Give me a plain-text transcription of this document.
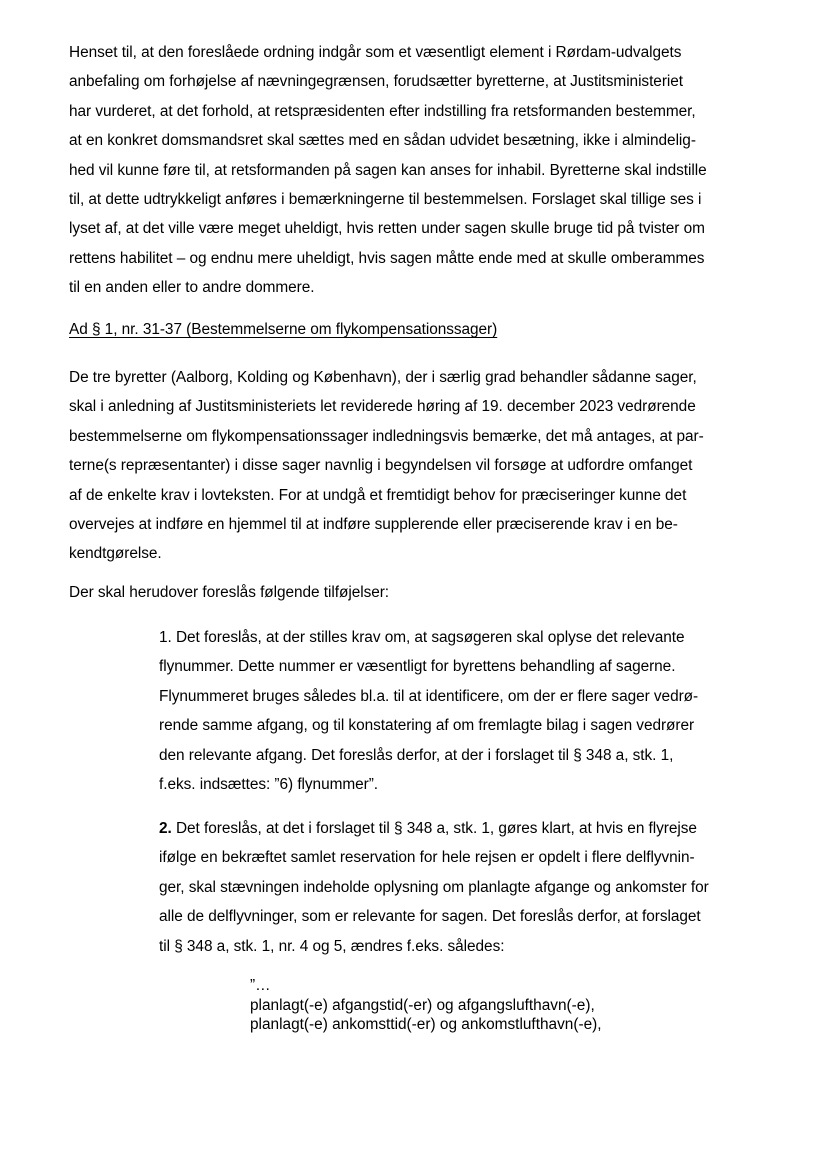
Henset til, at den foreslåede ordning indgår som et væsentligt element i Rørdam-udvalgets
anbefaling om forhøjelse af nævningegrænsen, forudsætter byretterne, at Justitsministeriet
har vurderet, at det forhold, at retspræsidenten efter indstilling fra retsformanden bestemmer,
at en konkret domsmandsret skal sættes med en sådan udvidet besætning, ikke i almindelig-
hed vil kunne føre til, at retsformanden på sagen kan anses for inhabil. Byretterne skal indstille
til, at dette udtrykkeligt anføres i bemærkningerne til bestemmelsen. Forslaget skal tillige ses i
lyset af, at det ville være meget uheldigt, hvis retten under sagen skulle bruge tid på tvister om
rettens habilitet – og endnu mere uheldigt, hvis sagen måtte ende med at skulle omberammes
til en anden eller to andre dommere.

Ad § 1, nr. 31-37 (Bestemmelserne om flykompensationssager)

De tre byretter (Aalborg, Kolding og København), der i særlig grad behandler sådanne sager,
skal i anledning af Justitsministeriets let reviderede høring af 19. december 2023 vedrørende
bestemmelserne om flykompensationssager indledningsvis bemærke, det må antages, at par-
terne(s repræsentanter) i disse sager navnlig i begyndelsen vil forsøge at udfordre omfanget
af de enkelte krav i lovteksten. For at undgå et fremtidigt behov for præciseringer kunne det
overvejes at indføre en hjemmel til at indføre supplerende eller præciserende krav i en be-
kendtgørelse.

Der skal herudover foreslås følgende tilføjelser:

1. Det foreslås, at der stilles krav om, at sagsøgeren skal oplyse det relevante
flynummer. Dette nummer er væsentligt for byrettens behandling af sagerne.
Flynummeret bruges således bl.a. til at identificere, om der er flere sager vedrø-
rende samme afgang, og til konstatering af om fremlagte bilag i sagen vedrører
den relevante afgang. Det foreslås derfor, at der i forslaget til § 348 a, stk. 1,
f.eks. indsættes: ”6) flynummer”.

2. Det foreslås, at det i forslaget til § 348 a, stk. 1, gøres klart, at hvis en flyrejse
ifølge en bekræftet samlet reservation for hele rejsen er opdelt i flere delflyvnin-
ger, skal stævningen indeholde oplysning om planlagte afgange og ankomster for
alle de delflyvninger, som er relevante for sagen. Det foreslås derfor, at forslaget
til § 348 a, stk. 1, nr. 4 og 5, ændres f.eks. således:

”…
planlagt(-e) afgangstid(-er) og afgangslufthavn(-e),
planlagt(-e) ankomsttid(-er) og ankomstlufthavn(-e),
